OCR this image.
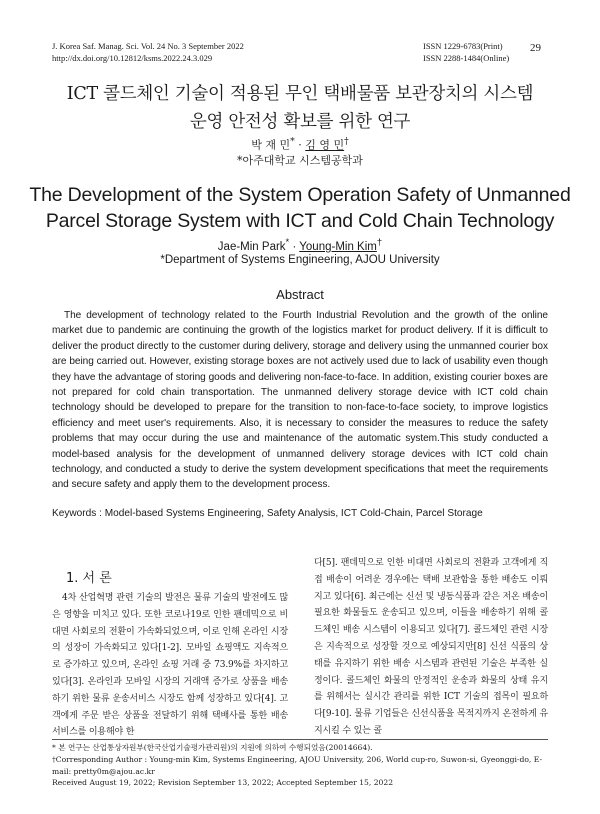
J. Korea Saf. Manag. Sci. Vol. 24 No. 3 September 2022
http://dx.doi.org/10.12812/ksms.2022.24.3.029
ISSN 1229-6783(Print)
ISSN 2288-1484(Online)
29
ICT 콜드체인 기술이 적용된 무인 택배물품 보관장치의 시스템
운영 안전성 확보를 위한 연구
박 재 민* · 김 영 민†
*아주대학교 시스템공학과
The Development of the System Operation Safety of Unmanned
Parcel Storage System with ICT and Cold Chain Technology
Jae-Min Park* · Young-Min Kim†
*Department of Systems Engineering, AJOU University
Abstract
The development of technology related to the Fourth Industrial Revolution and the growth of the online market due to pandemic are continuing the growth of the logistics market for product delivery. If it is difficult to deliver the product directly to the customer during delivery, storage and delivery using the unmanned courier box are being carried out. However, existing storage boxes are not actively used due to lack of usability even though they have the advantage of storing goods and delivering non-face-to-face. In addition, existing courier boxes are not prepared for cold chain transportation. The unmanned delivery storage device with ICT cold chain technology should be developed to prepare for the transition to non-face-to-face society, to improve logistics efficiency and meet user's requirements. Also, it is necessary to consider the measures to reduce the safety problems that may occur during the use and maintenance of the automatic system.This study conducted a model-based analysis for the development of unmanned delivery storage devices with ICT cold chain technology, and conducted a study to derive the system development specifications that meet the requirements and secure safety and apply them to the development process.
Keywords : Model-based Systems Engineering, Safety Analysis, ICT Cold-Chain, Parcel Storage
1. 서 론
4차 산업혁명 관련 기술의 발전은 물류 기술의 발전에도 많은 영향을 미치고 있다. 또한 코로나19로 인한 팬데믹으로 비대면 사회로의 전환이 가속화되었으며, 이로 인해 온라인 시장의 성장이 가속화되고 있다[1-2]. 모바일 쇼핑액도 지속적으로 증가하고 있으며, 온라인 쇼핑 거래 중 73.9%를 차지하고 있다[3]. 온라인과 모바일 시장의 거래액 증가로 상품을 배송하기 위한 물류 운송서비스 시장도 함께 성장하고 있다[4]. 고객에게 주문 받은 상품을 전달하기 위해 택배사를 통한 배송 서비스를 이용해야 한
다[5]. 팬데믹으로 인한 비대면 사회로의 전환과 고객에게 직접 배송이 어려운 경우에는 택배 보관함을 통한 배송도 이뤄지고 있다[6]. 최근에는 신선 및 냉동식품과 같은 저온 배송이 필요한 화물들도 운송되고 있으며, 이들을 배송하기 위해 콜드체인 배송 시스템이 이용되고 있다[7]. 콜드체인 관련 시장은 지속적으로 성장할 것으로 예상되지만[8] 신선 식품의 상태를 유지하기 위한 배송 시스템과 관련된 기술은 부족한 실정이다. 콜드체인 화물의 안정적인 운송과 화물의 상태 유지를 위해서는 실시간 관리를 위한 ICT 기술의 접목이 필요하다[9-10]. 물류 기업들은 신선식품을 목적지까지 온전하게 유지시킬 수 있는 콜
* 본 연구는 산업통상자원부(한국산업기술평가관리원)의 지원에 의하여 수행되었음(20014664).
†Corresponding Author : Young-min Kim, Systems Engineering, AJOU University, 206, World cup-ro, Suwon-si, Gyeonggi-do, E-mail: pretty0m@ajou.ac.kr
Received August 19, 2022; Revision September 13, 2022; Accepted September 15, 2022
